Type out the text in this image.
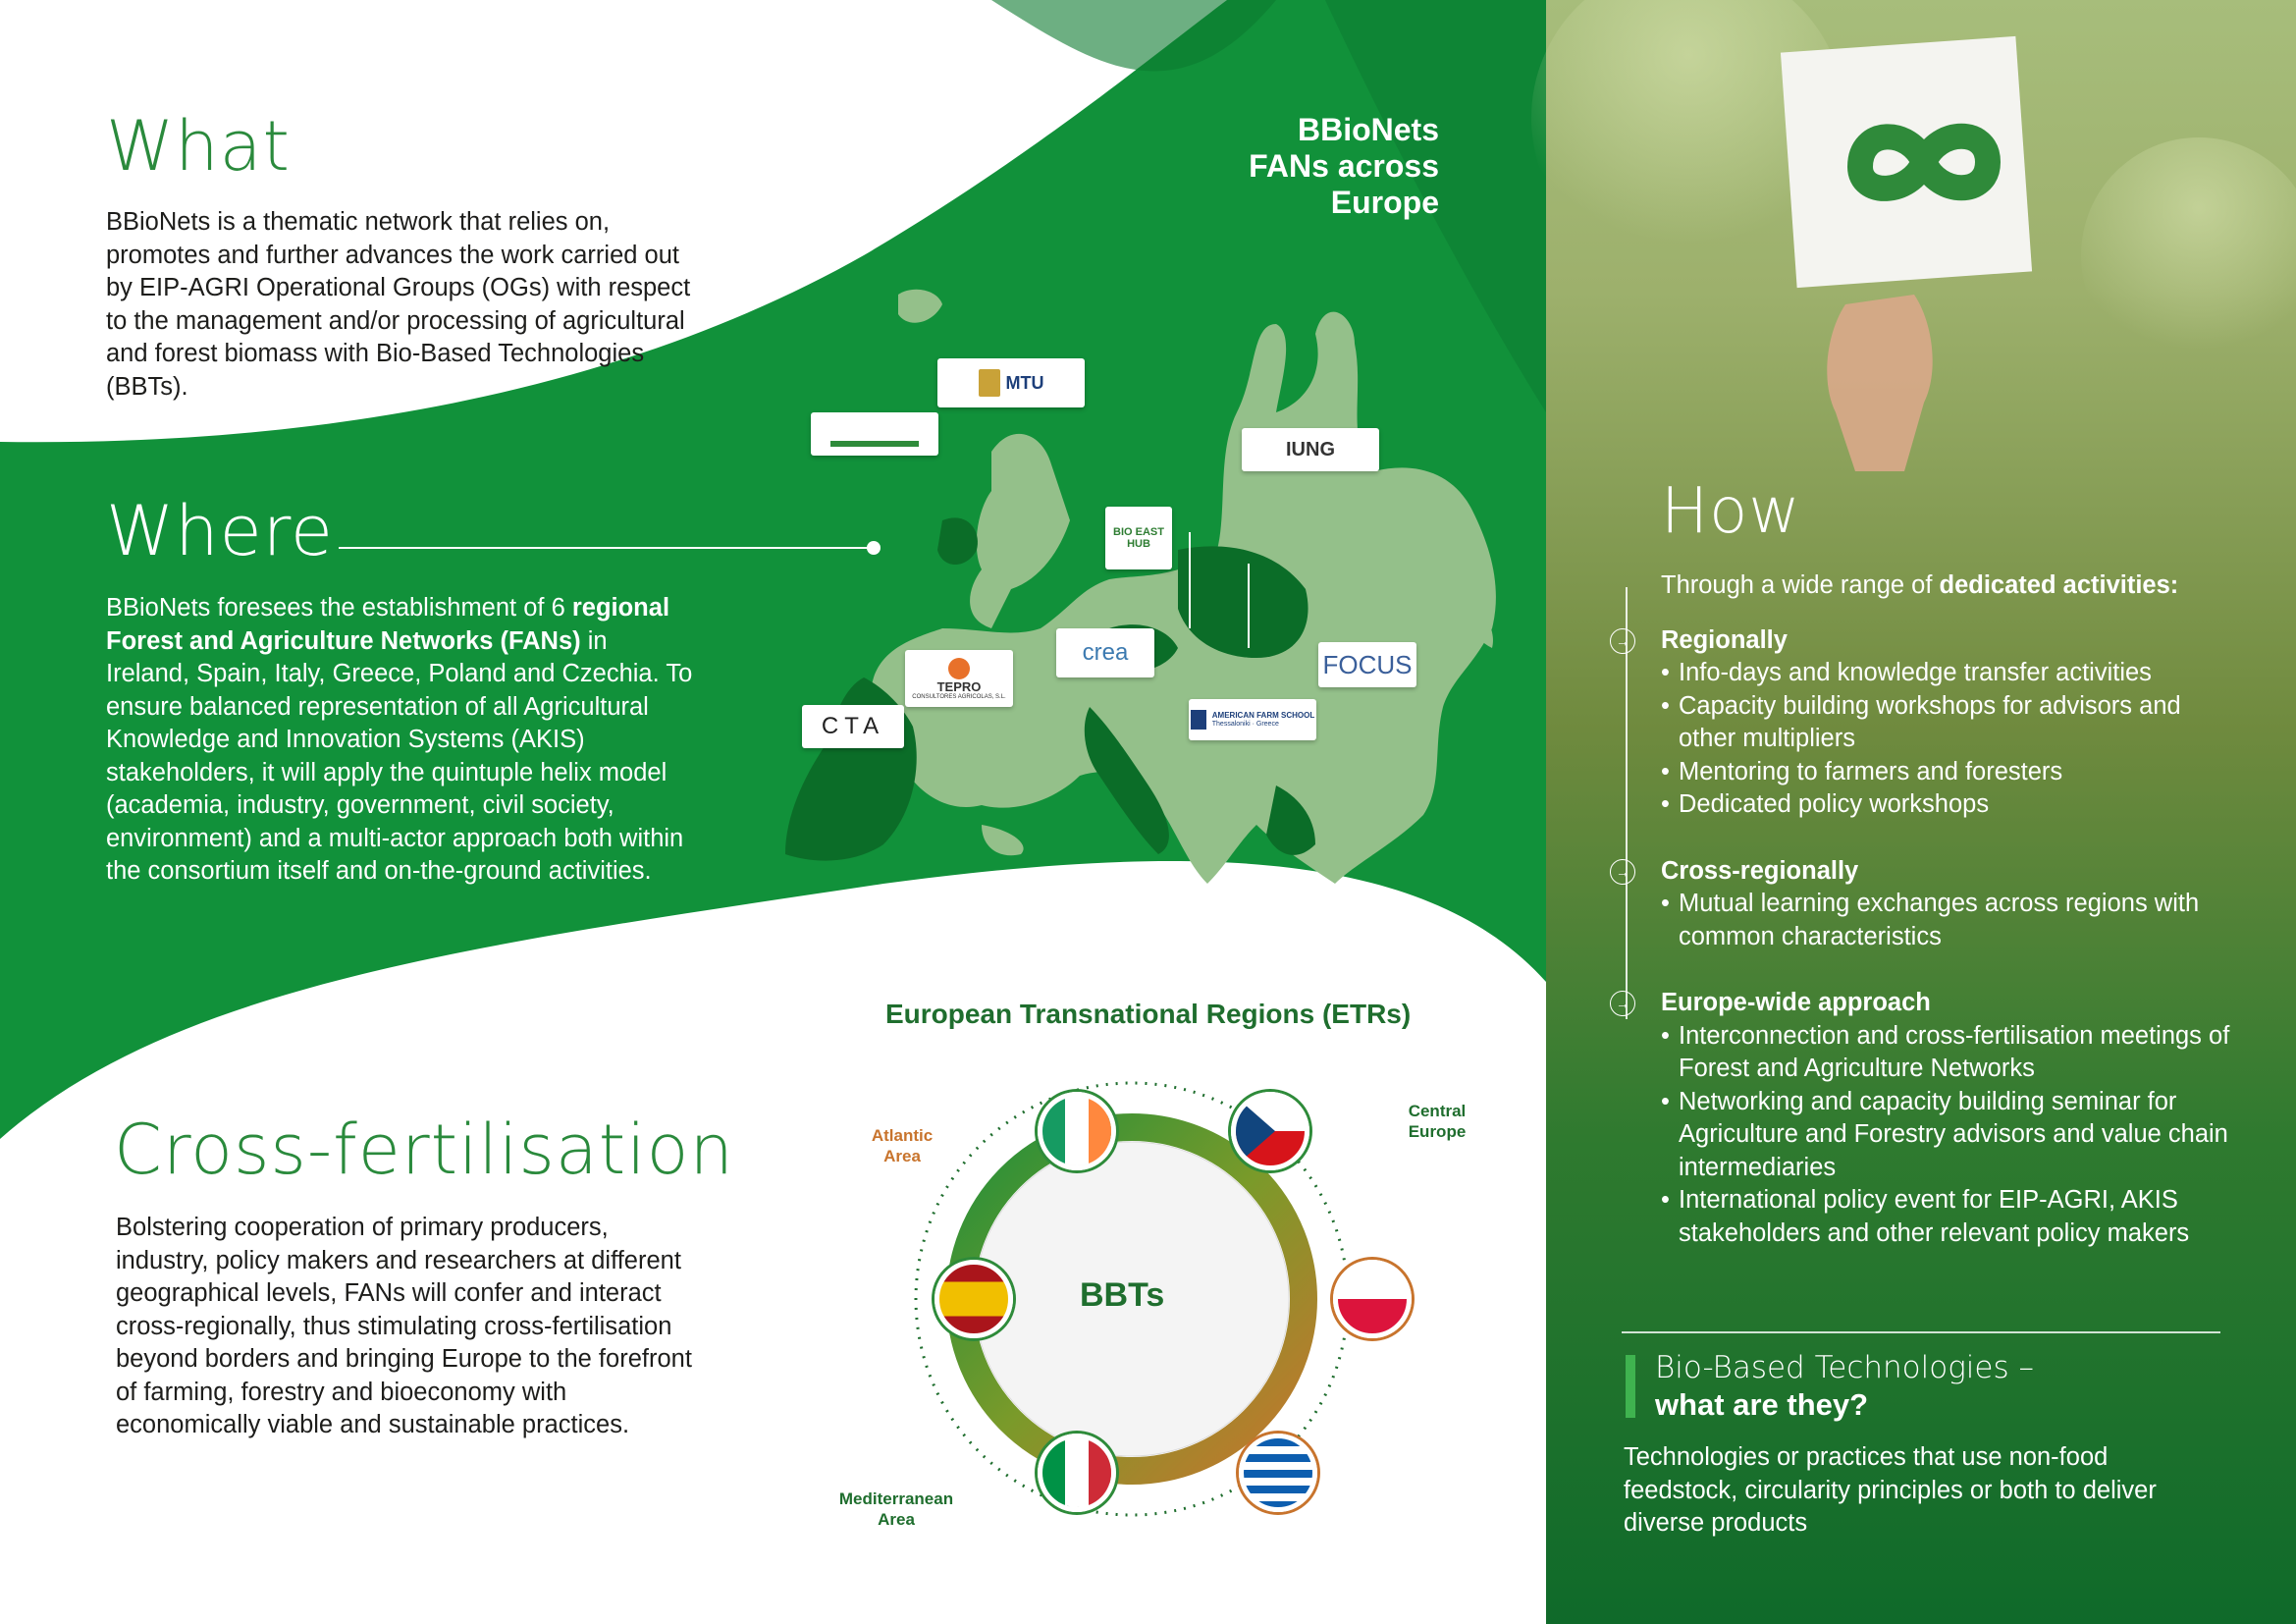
What
BBioNets is a thematic network that relies on, promotes and further advances the work carried out by EIP-AGRI Operational Groups (OGs) with respect to the management and/or processing of agricultural and forest biomass with Bio-Based Technologies (BBTs).
BBioNets
FANs across
Europe
MTU
IUNG
BIO EAST HUB
crea	FOCUS
TEPRO
CONSULTORES AGRICOLAS, S.L.
AMERICAN FARM SCHOOL
Thessaloniki · Greece
CTA
Where
BBioNets foresees the establishment of 6 regional Forest and Agriculture Networks (FANs) in Ireland, Spain, Italy, Greece, Poland and Czechia. To ensure balanced representation of all Agricultural Knowledge and Innovation Systems (AKIS) stakeholders, it will apply the quintuple helix model (academia, industry, government, civil society, environment) and a multi-actor approach both within the consortium itself and on-the-ground activities.
Cross-fertilisation
Bolstering cooperation of primary producers, industry, policy makers and researchers at different geographical levels, FANs will confer and interact cross-regionally, thus stimulating cross-fertilisation beyond borders and bringing Europe to the forefront of farming, forestry and bioeconomy with economically viable and sustainable practices.
European Transnational Regions (ETRs)
BBTs
Atlantic Area
Central Europe
Mediterranean Area
How
Through a wide range of dedicated activities:
→ Regionally
• Info-days and knowledge transfer activities
• Capacity building workshops for advisors and other multipliers
• Mentoring to farmers and foresters
• Dedicated policy workshops
→ Cross-regionally
• Mutual learning exchanges across regions with common characteristics
→ Europe-wide approach
• Interconnection and cross-fertilisation meetings of Forest and Agriculture Networks
• Networking and capacity building seminar for Agriculture and Forestry advisors and value chain intermediaries
• International policy event for EIP-AGRI, AKIS stakeholders and other relevant policy makers
Bio-Based Technologies –
what are they?
Technologies or practices that use non-food feedstock, circularity principles or both to deliver diverse products
